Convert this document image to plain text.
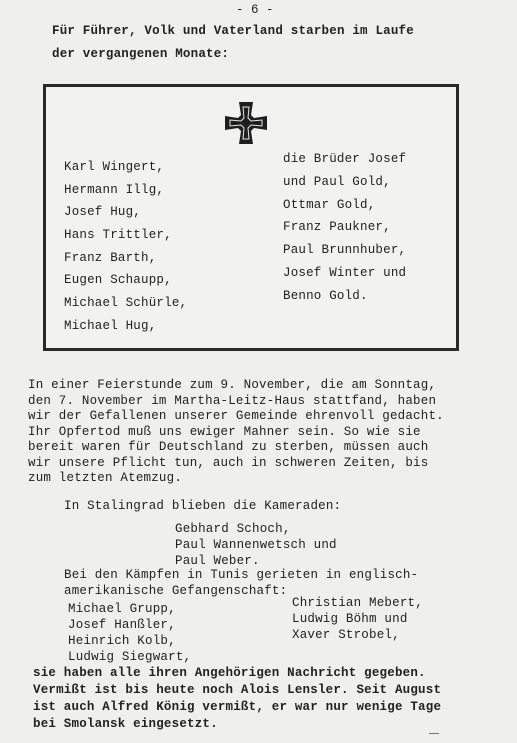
- 6 -
Für Führer, Volk und Vaterland starben im Laufe
der vergangenen Monate:
Karl Wingert,
Hermann Illg,
Josef Hug,
Hans Trittler,
Franz Barth,
Eugen Schaupp,
Michael Schürle,
Michael Hug,
die Brüder Josef
und Paul Gold,
Ottmar Gold,
Franz Paukner,
Paul Brunnhuber,
Josef Winter und
Benno Gold.
In einer Feierstunde zum 9. November, die am Sonntag,
den 7. November im Martha-Leitz-Haus stattfand, haben
wir der Gefallenen unserer Gemeinde ehrenvoll gedacht.
Ihr Opfertod muß uns ewiger Mahner sein. So wie sie
bereit waren für Deutschland zu sterben, müssen auch
wir unsere Pflicht tun, auch in schweren Zeiten, bis
zum letzten Atemzug.
In Stalingrad blieben die Kameraden:
Gebhard Schoch,
Paul Wannenwetsch und
Paul Weber.
Bei den Kämpfen in Tunis gerieten in englisch-
amerikanische Gefangenschaft:
Michael Grupp,
Josef Hanßler,
Heinrich Kolb,
Ludwig Siegwart,
Christian Mebert,
Ludwig Böhm und
Xaver Strobel,
sie haben alle ihren Angehörigen Nachricht gegeben.
Vermißt ist bis heute noch Alois Lensler. Seit August
ist auch Alfred König vermißt, er war nur wenige Tage
bei Smolansk eingesetzt.
